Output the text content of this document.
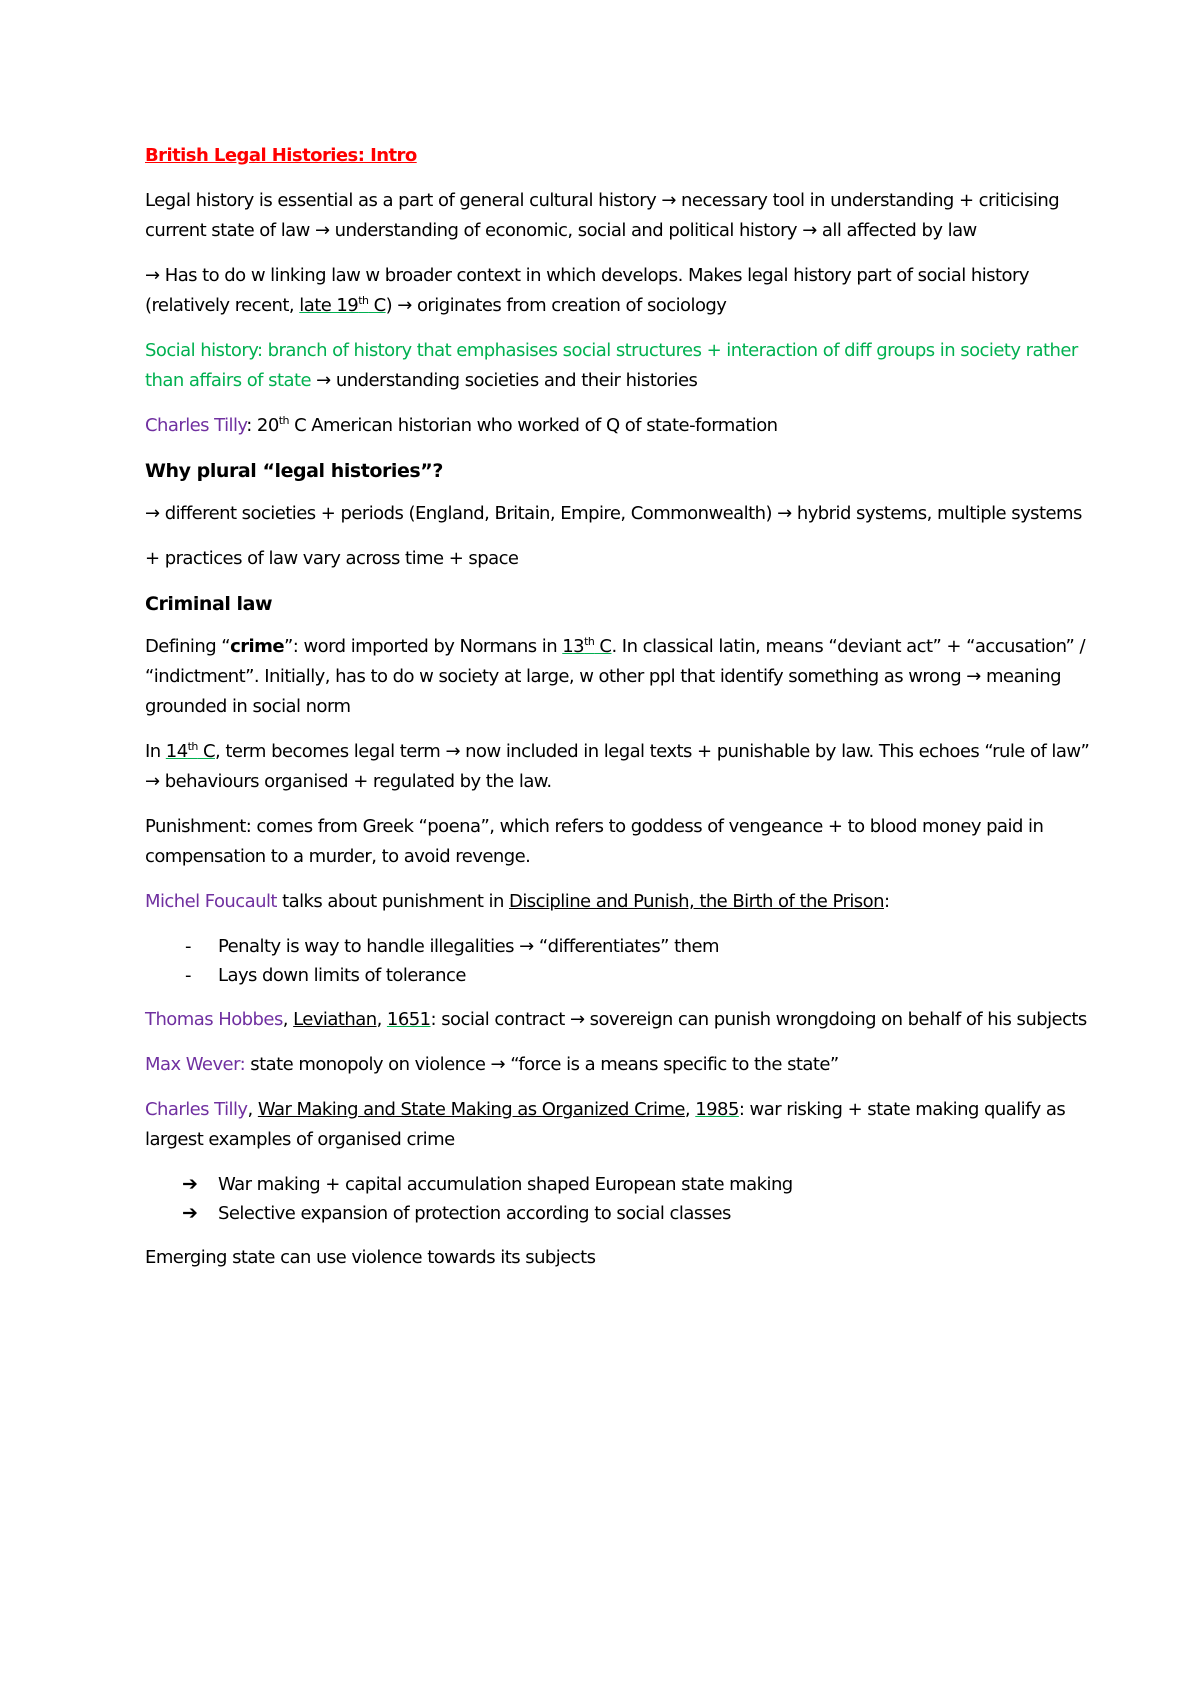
British Legal Histories: Intro

Legal history is essential as a part of general cultural history → necessary tool in understanding + criticising current state of law → understanding of economic, social and political history → all affected by law

→ Has to do w linking law w broader context in which develops. Makes legal history part of social history (relatively recent, late 19th C) → originates from creation of sociology

Social history: branch of history that emphasises social structures + interaction of diff groups in society rather than affairs of state → understanding societies and their histories

Charles Tilly: 20th C American historian who worked of Q of state-formation

Why plural “legal histories”?

→ different societies + periods (England, Britain, Empire, Commonwealth) → hybrid systems, multiple systems

+ practices of law vary across time + space

Criminal law

Defining “crime”: word imported by Normans in 13th C. In classical latin, means “deviant act” + “accusation” / “indictment”. Initially, has to do w society at large, w other ppl that identify something as wrong → meaning grounded in social norm

In 14th C, term becomes legal term → now included in legal texts + punishable by law. This echoes “rule of law” → behaviours organised + regulated by the law.

Punishment: comes from Greek “poena”, which refers to goddess of vengeance + to blood money paid in compensation to a murder, to avoid revenge.

Michel Foucault talks about punishment in Discipline and Punish, the Birth of the Prison:

- Penalty is way to handle illegalities → “differentiates” them
- Lays down limits of tolerance

Thomas Hobbes, Leviathan, 1651: social contract → sovereign can punish wrongdoing on behalf of his subjects

Max Wever: state monopoly on violence → “force is a means specific to the state”

Charles Tilly, War Making and State Making as Organized Crime, 1985: war risking + state making qualify as largest examples of organised crime

➔ War making + capital accumulation shaped European state making
➔ Selective expansion of protection according to social classes

Emerging state can use violence towards its subjects
